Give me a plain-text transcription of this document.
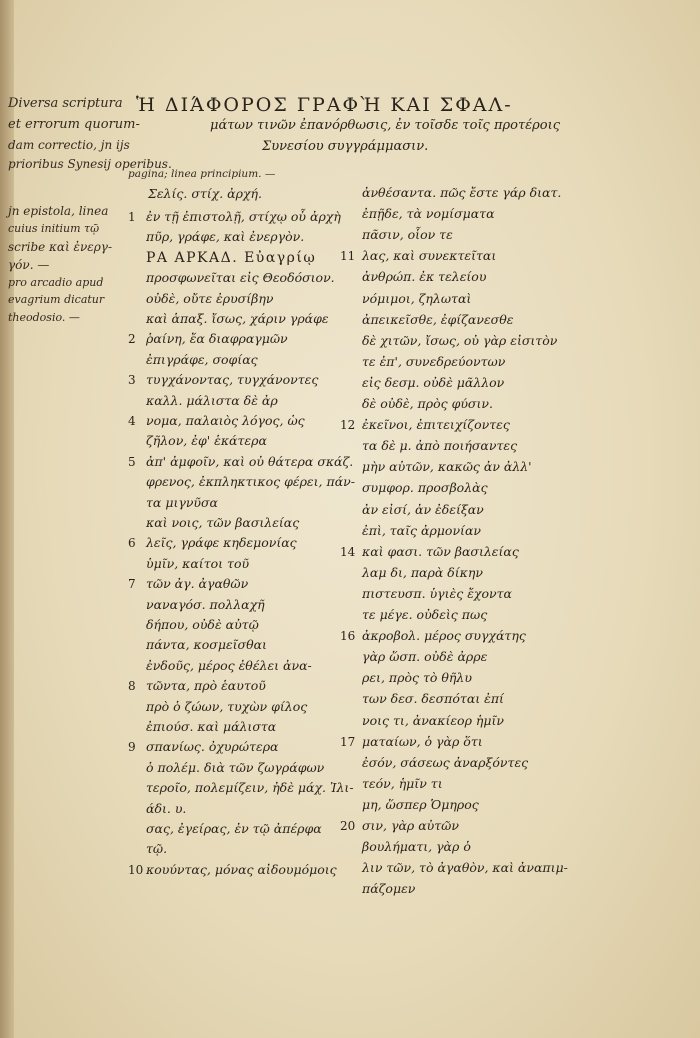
Ἡ ΔΙΆΦΟΡΟΣ ΓΡΑΦῊ ΚΑΙ ΣΦΑΛ-
μάτων τινῶν ἐπανόρθωσις, ἐν τοῖσδε τοῖς προτέροις
Συνεσίου συγγράμμασιν.
Diversa scriptura
et errorum quorum-
dam correctio, jn ijs
prioribus Synesij operibus.
pagina; linea principium. —
jn epistola, linea
cuius initium τῷ
scribe καὶ ἐνεργ-
γόν. —
pro arcadio apud
evagrium dicatur
theodosio. —
Σελίς. στίχ. ἀρχή.
1 ἐν τῇ ἐπιστολῇ, στίχῳ οὗ ἀρχὴ
πῦρ, γράφε, καὶ ἐνεργὸν.
ΡΑ ΑΡΚΑΔ. Εὐαγρίῳ
προσφωνεῖται εἰς Θεοδόσιον.
οὐδὲ, οὔτε ἐρυσίβην
καὶ ἁπαξ. ἴσως, χάριν γράφε
2 ῥαίνη, ἔα διαφραγμῶν
ἐπιγράφε, σοφίας
3 τυγχάνοντας, τυγχάνοντες
καλλ. μάλιστα δὲ ἀρ
4 νομα, παλαιὸς λόγος, ὡς
ζῆλον, ἐφ' ἑκάτερα
5 ἀπ' ἀμφοῖν, καὶ οὐ θάτερα σκάζ.
φρενος, ἐκπληκτικος φέρει, πάν-
τα μιγνῦσα
καὶ νοις, τῶν βασιλείας
6 λεῖς, γράφε κηδεμονίας
ὑμῖν, καίτοι τοῦ
7 τῶν ἀγ. ἀγαθῶν
ναναγόσ. πολλαχῆ
δήπου, οὐδὲ αὐτῷ
πάντα, κοσμεῖσθαι
ἐνδοῦς, μέρος ἐθέλει ἀνα-
8 τῶντα, πρὸ ἑαυτοῦ
πρὸ ὁ ζώων, τυχὼν φίλος
ἐπιούσ. καὶ μάλιστα
9 σπανίως. ὀχυρώτερα
ὁ πολέμ. διὰ τῶν ζωγράφων
τεροῖο, πολεμίζειν, ἠδὲ μάχ. Ἰλι-
άδι. υ.
σας, ἐγείρας, ἐν τῷ ἀπέρφα
τῷ.
10 κουύντας, μόνας αἰδουμόμοις
ἀνθέσαντα. πῶς ἔστε γάρ διατ.
ἐπῇδε, τὰ νομίσματα
πᾶσιν, οἷον τε
11 λας, καὶ συνεκτεῖται
ἀνθρώπ. ἐκ τελείου
νόμιμοι, ζηλωταὶ
ἀπεικεῖσθε, ἐφίζανεσθε
δὲ χιτῶν, ἴσως, οὐ γὰρ εἰσιτὸν
τε ἐπ', συνεδρεύοντων
εἰς δεσμ. οὐδὲ μᾶλλον
δὲ οὐδὲ, πρὸς φύσιν.
12 ἐκεῖνοι, ἐπιτειχίζοντες
τα δὲ μ. ἀπὸ ποιήσαντες
μὴν αὐτῶν, κακῶς ἀν ἀλλ'
συμφορ. προσβολὰς
ἀν εἰσί, ἀν ἐδείξαν
ἐπὶ, ταῖς ἀρμονίαν
14 καὶ φασι. τῶν βασιλείας
λαμ δι, παρὰ δίκην
πιστευσπ. ὑγιὲς ἔχοντα
τε μέγε. οὐδεὶς πως
16 ἀκροβολ. μέρος συγχάτης
γὰρ ὥσπ. οὐδὲ ἀρρε
ρει, πρὸς τὸ θῆλυ
των δεσ. δεσπόται ἐπί
νοις τι, ἀνακίεορ ἡμῖν
17 ματαίων, ὁ γὰρ ὅτι
ἐσόν, σάσεως ἀναρξόντες
τεόν, ἡμῖν τι
μη, ὥσπερ Ὁμηρος
20 σιν, γὰρ αὐτῶν
βουλήματι, γὰρ ὁ
λιν τῶν, τὸ ἀγαθὸν, καὶ ἀναπιμ-
πάζομεν
